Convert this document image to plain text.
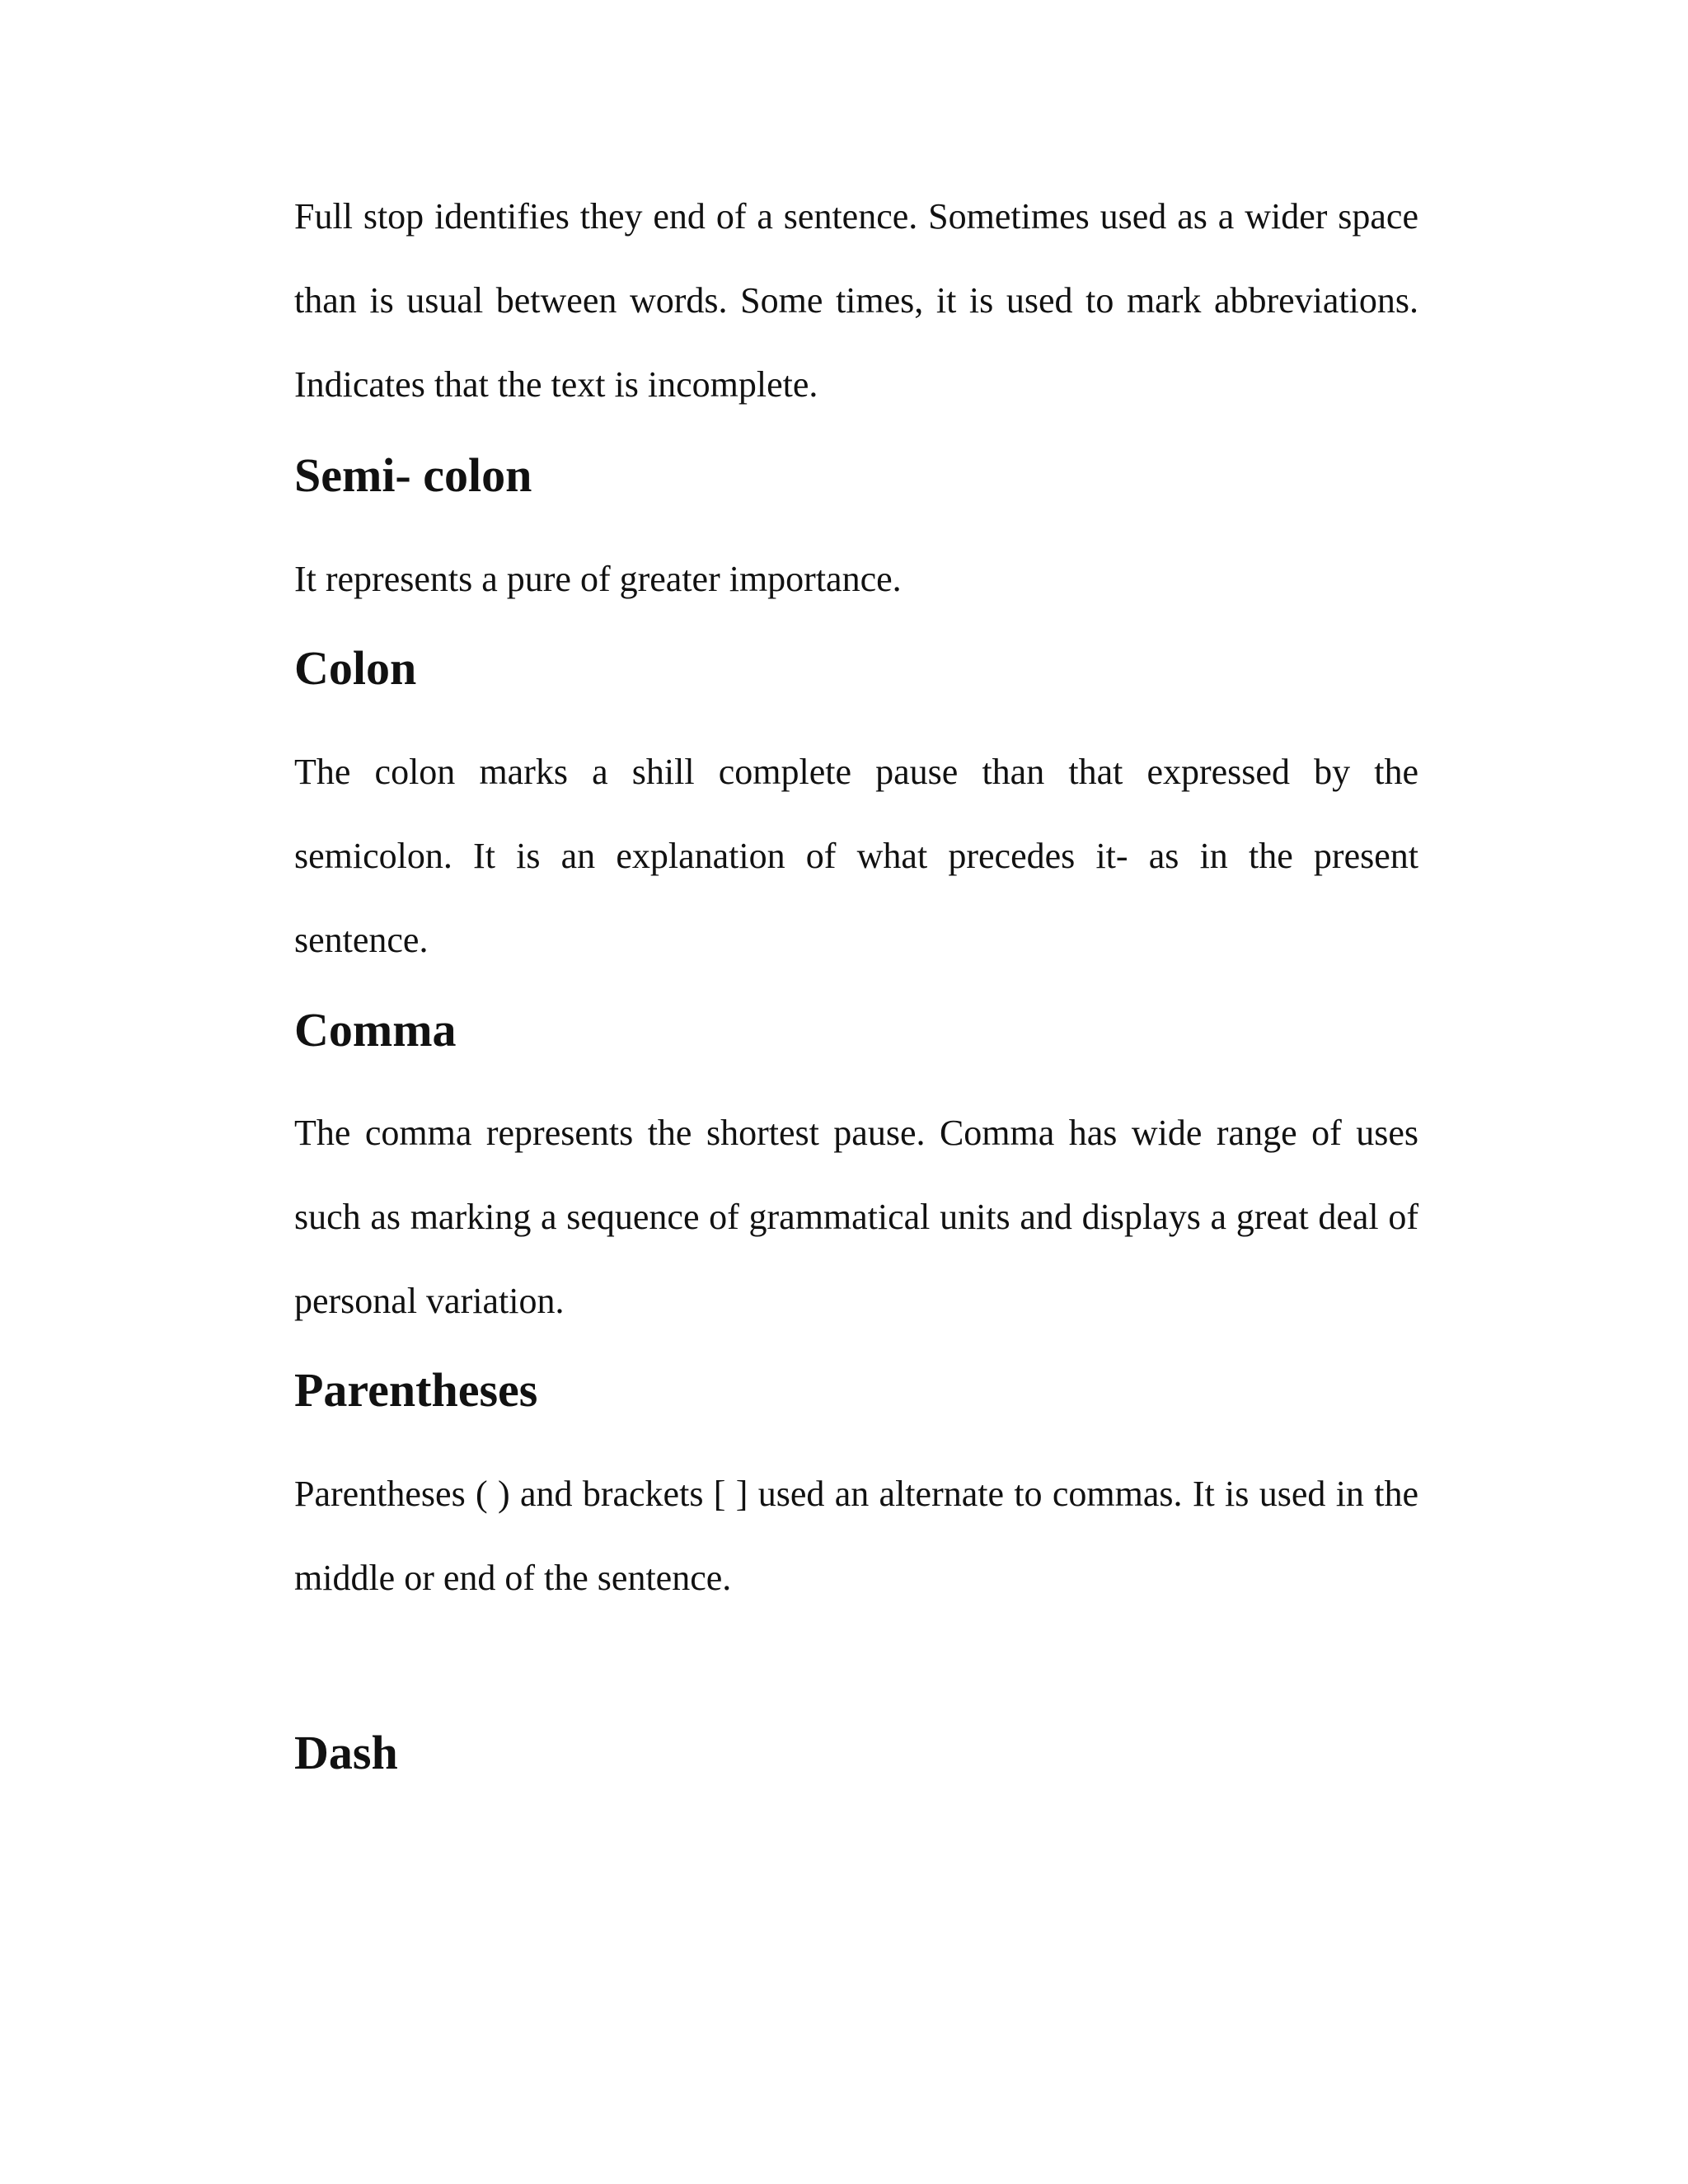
Full stop identifies they end of a sentence. Sometimes used as a wider space than is usual between words. Some times, it is used to mark abbreviations. Indicates that the text is incomplete.

Semi- colon

It represents a pure of greater importance.

Colon

The colon marks a shill complete pause than that expressed by the semicolon. It is an explanation of what precedes it- as in the present sentence.

Comma

The comma represents the shortest pause. Comma has wide range of uses such as marking a sequence of grammatical units and displays a great deal of personal variation.

Parentheses

Parentheses ( ) and brackets [ ] used an alternate to commas. It is used in the middle or end of the sentence.

Dash
